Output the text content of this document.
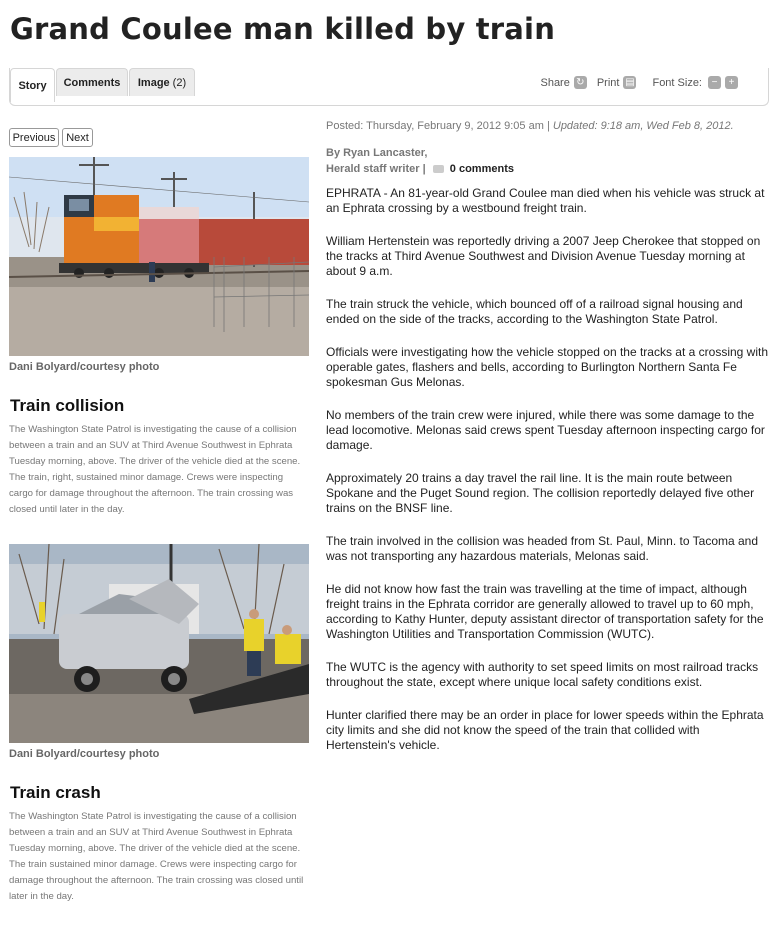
Grand Coulee man killed by train
Story	Comments	Image (2)	Share ↻ Print ▤ Font Size: −	+
Previous Next
Dani Bolyard/courtesy photo
Train collision
The Washington State Patrol is investigating the cause of a collision between a train and an SUV at Third Avenue Southwest in Ephrata Tuesday morning, above. The driver of the vehicle died at the scene. The train, right, sustained minor damage. Crews were inspecting cargo for damage throughout the afternoon. The train crossing was closed until later in the day.
Dani Bolyard/courtesy photo
Train crash
The Washington State Patrol is investigating the cause of a collision between a train and an SUV at Third Avenue Southwest in Ephrata Tuesday morning, above. The driver of the vehicle died at the scene. The train sustained minor damage. Crews were inspecting cargo for damage throughout the afternoon. The train crossing was closed until later in the day.
Posted: Thursday, February 9, 2012 9:05 am | Updated: 9:18 am, Wed Feb 8, 2012.
By Ryan Lancaster,
Herald staff writer | 0 comments

EPHRATA - An 81-year-old Grand Coulee man died when his vehicle was struck at an Ephrata crossing by a westbound freight train.

William Hertenstein was reportedly driving a 2007 Jeep Cherokee that stopped on the tracks at Third Avenue Southwest and Division Avenue Tuesday morning at about 9 a.m.

The train struck the vehicle, which bounced off of a railroad signal housing and ended on the side of the tracks, according to the Washington State Patrol.

Officials were investigating how the vehicle stopped on the tracks at a crossing with operable gates, flashers and bells, according to Burlington Northern Santa Fe spokesman Gus Melonas.

No members of the train crew were injured, while there was some damage to the lead locomotive. Melonas said crews spent Tuesday afternoon inspecting cargo for damage.

Approximately 20 trains a day travel the rail line. It is the main route between Spokane and the Puget Sound region. The collision reportedly delayed five other trains on the BNSF line.

The train involved in the collision was headed from St. Paul, Minn. to Tacoma and was not transporting any hazardous materials, Melonas said.

He did not know how fast the train was travelling at the time of impact, although freight trains in the Ephrata corridor are generally allowed to travel up to 60 mph, according to Kathy Hunter, deputy assistant director of transportation safety for the Washington Utilities and Transportation Commission (WUTC).

The WUTC is the agency with authority to set speed limits on most railroad tracks throughout the state, except where unique local safety conditions exist.

Hunter clarified there may be an order in place for lower speeds within the Ephrata city limits and she did not know the speed of the train that collided with Hertenstein's vehicle.
